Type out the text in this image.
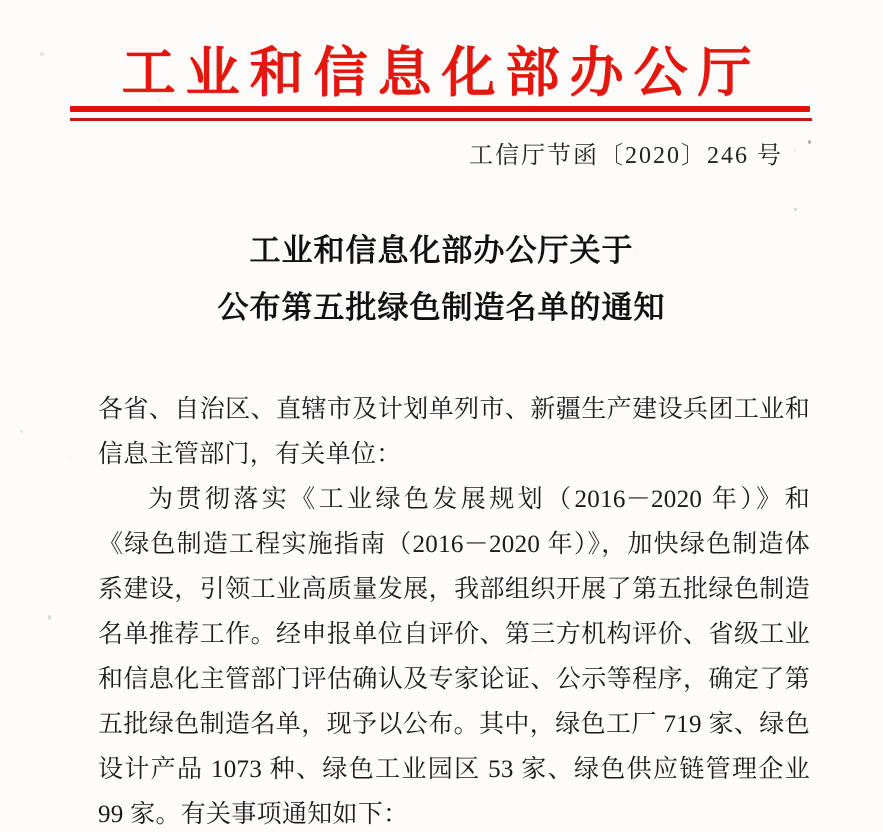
工业和信息化部办公厅
工信厅节函〔2020〕246 号
工业和信息化部办公厅关于
公布第五批绿色制造名单的通知
各省、自治区、直辖市及计划单列市、新疆生产建设兵团工业和
信息主管部门，有关单位：
为贯彻落实《工业绿色发展规划（2016－2020 年）》和
《绿色制造工程实施指南（2016－2020 年）》，加快绿色制造体
系建设，引领工业高质量发展，我部组织开展了第五批绿色制造
名单推荐工作。经申报单位自评价、第三方机构评价、省级工业
和信息化主管部门评估确认及专家论证、公示等程序，确定了第
五批绿色制造名单，现予以公布。其中，绿色工厂 719 家、绿色
设计产品 1073 种、绿色工业园区 53 家、绿色供应链管理企业
99 家。有关事项通知如下：
